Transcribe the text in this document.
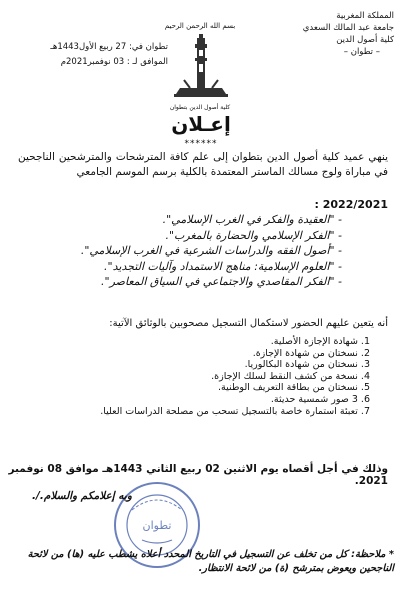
المملكة المغربية
جامعة عبد المالك السعدي
كلية أصول الدين
– تطوان –
تطوان في: 27 ربيع الأول1443هـ
الموافق لـ : 03 نوفمبر2021م
بسم الله الرحمن الرحيم
كلية أصول الدين بتطوان
إعـلان
******
ينهي عميد كلية أصول الدين بتطوان إلى علم كافة المترشحات والمترشحين الناجحين في مباراة ولوج مسالك الماستر المعتمدة بالكلية برسم الموسم الجامعي
2022/2021 :
- "العقيدة والفكر في الغرب الإسلامي".
- "الفكر الإسلامي والحضارة بالمغرب".
- "أصول الفقه والدراسات الشرعية في الغرب الإسلامي".
- "العلوم الإسلامية: مناهج الاستمداد وآليات التجديد".
- "الفكر المقاصدي والاجتماعي في السياق المعاصر".
أنه يتعين عليهم الحضور لاستكمال التسجيل مصحوبين بالوثائق الآتية:
1. شهادة الإجازة الأصلية.
2. نسختان من شهادة الإجازة.
3. نسختان من شهادة البكالوريا.
4. نسخة من كشف النقط لسلك الإجازة.
5. نسختان من بطاقة التعريف الوطنية.
6. 3 صور شمسية حديثة.
7. تعبئة استمارة خاصة بالتسجيل تسحب من مصلحة الدراسات العليا.
وذلك في أجل أقصاه يوم الاثنين 02 ربيع الثاني 1443هـ موافق 08 نوفمبر 2021.
تطوان
وبه إعلامكم والسلام./.
* ملاحظة: كل من تخلف عن التسجيل في التاريخ المحدد أعلاه يشطب عليه (ها) من لائحة الناجحين ويعوض بمترشح (ة) من لائحة الانتظار.
